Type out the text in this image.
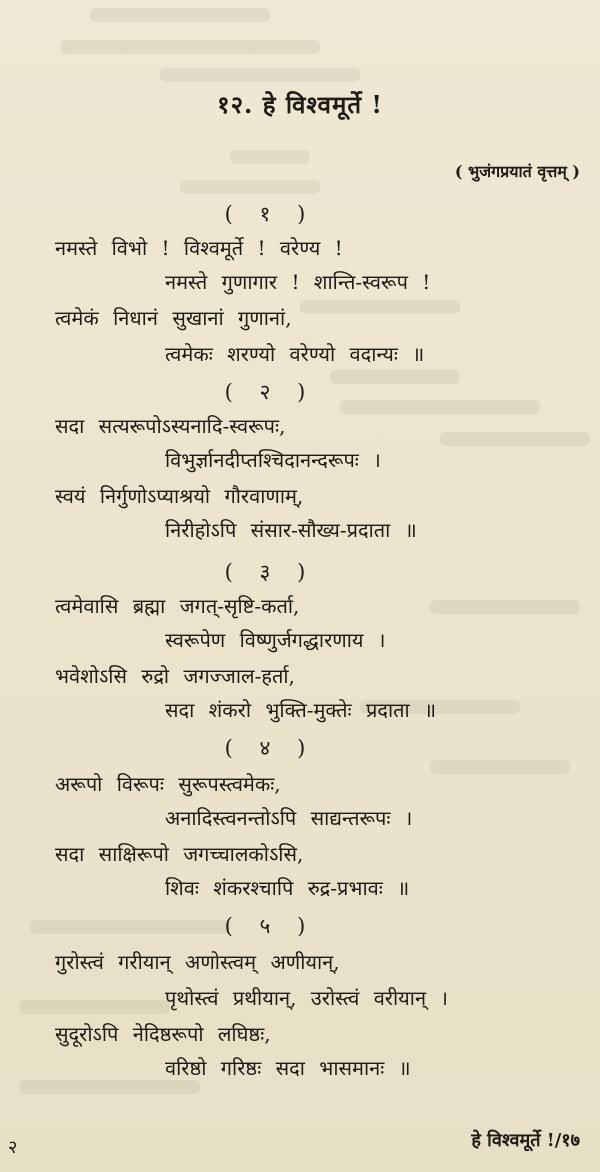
१२. हे विश्वमूर्ते !
( भुजंगप्रयातं वृत्तम् )
( १ )
नमस्ते विभो ! विश्वमूर्ते ! वरेण्य !
नमस्ते गुणागार ! शान्ति-स्वरूप !
त्वमेकं निधानं सुखानां गुणानां,
त्वमेकः शरण्यो वरेण्यो वदान्यः ॥
( २ )
सदा सत्यरूपोऽस्यनादि-स्वरूपः,
विभुर्ज्ञानदीप्तश्चिदानन्दरूपः ।
स्वयं निर्गुणोऽप्याश्रयो गौरवाणाम्,
निरीहोऽपि संसार-सौख्य-प्रदाता ॥
( ३ )
त्वमेवासि ब्रह्मा जगत्-सृष्टि-कर्ता,
स्वरूपेण विष्णुर्जगद्धारणाय ।
भवेशोऽसि रुद्रो जगज्जाल-हर्ता,
सदा शंकरो भुक्ति-मुक्तेः प्रदाता ॥
( ४ )
अरूपो विरूपः सुरूपस्त्वमेकः,
अनादिस्त्वनन्तोऽपि साद्यन्तरूपः ।
सदा साक्षिरूपो जगच्चालकोऽसि,
शिवः शंकरश्चापि रुद्र-प्रभावः ॥
( ५ )
गुरोस्त्वं गरीयान् अणोस्त्वम् अणीयान्,
पृथोस्त्वं प्रथीयान्, उरोस्त्वं वरीयान् ।
सुदूरोऽपि नेदिष्ठरूपो लघिष्ठः,
वरिष्ठो गरिष्ठः सदा भासमानः ॥
२	हे विश्वमूर्ते !/१७
